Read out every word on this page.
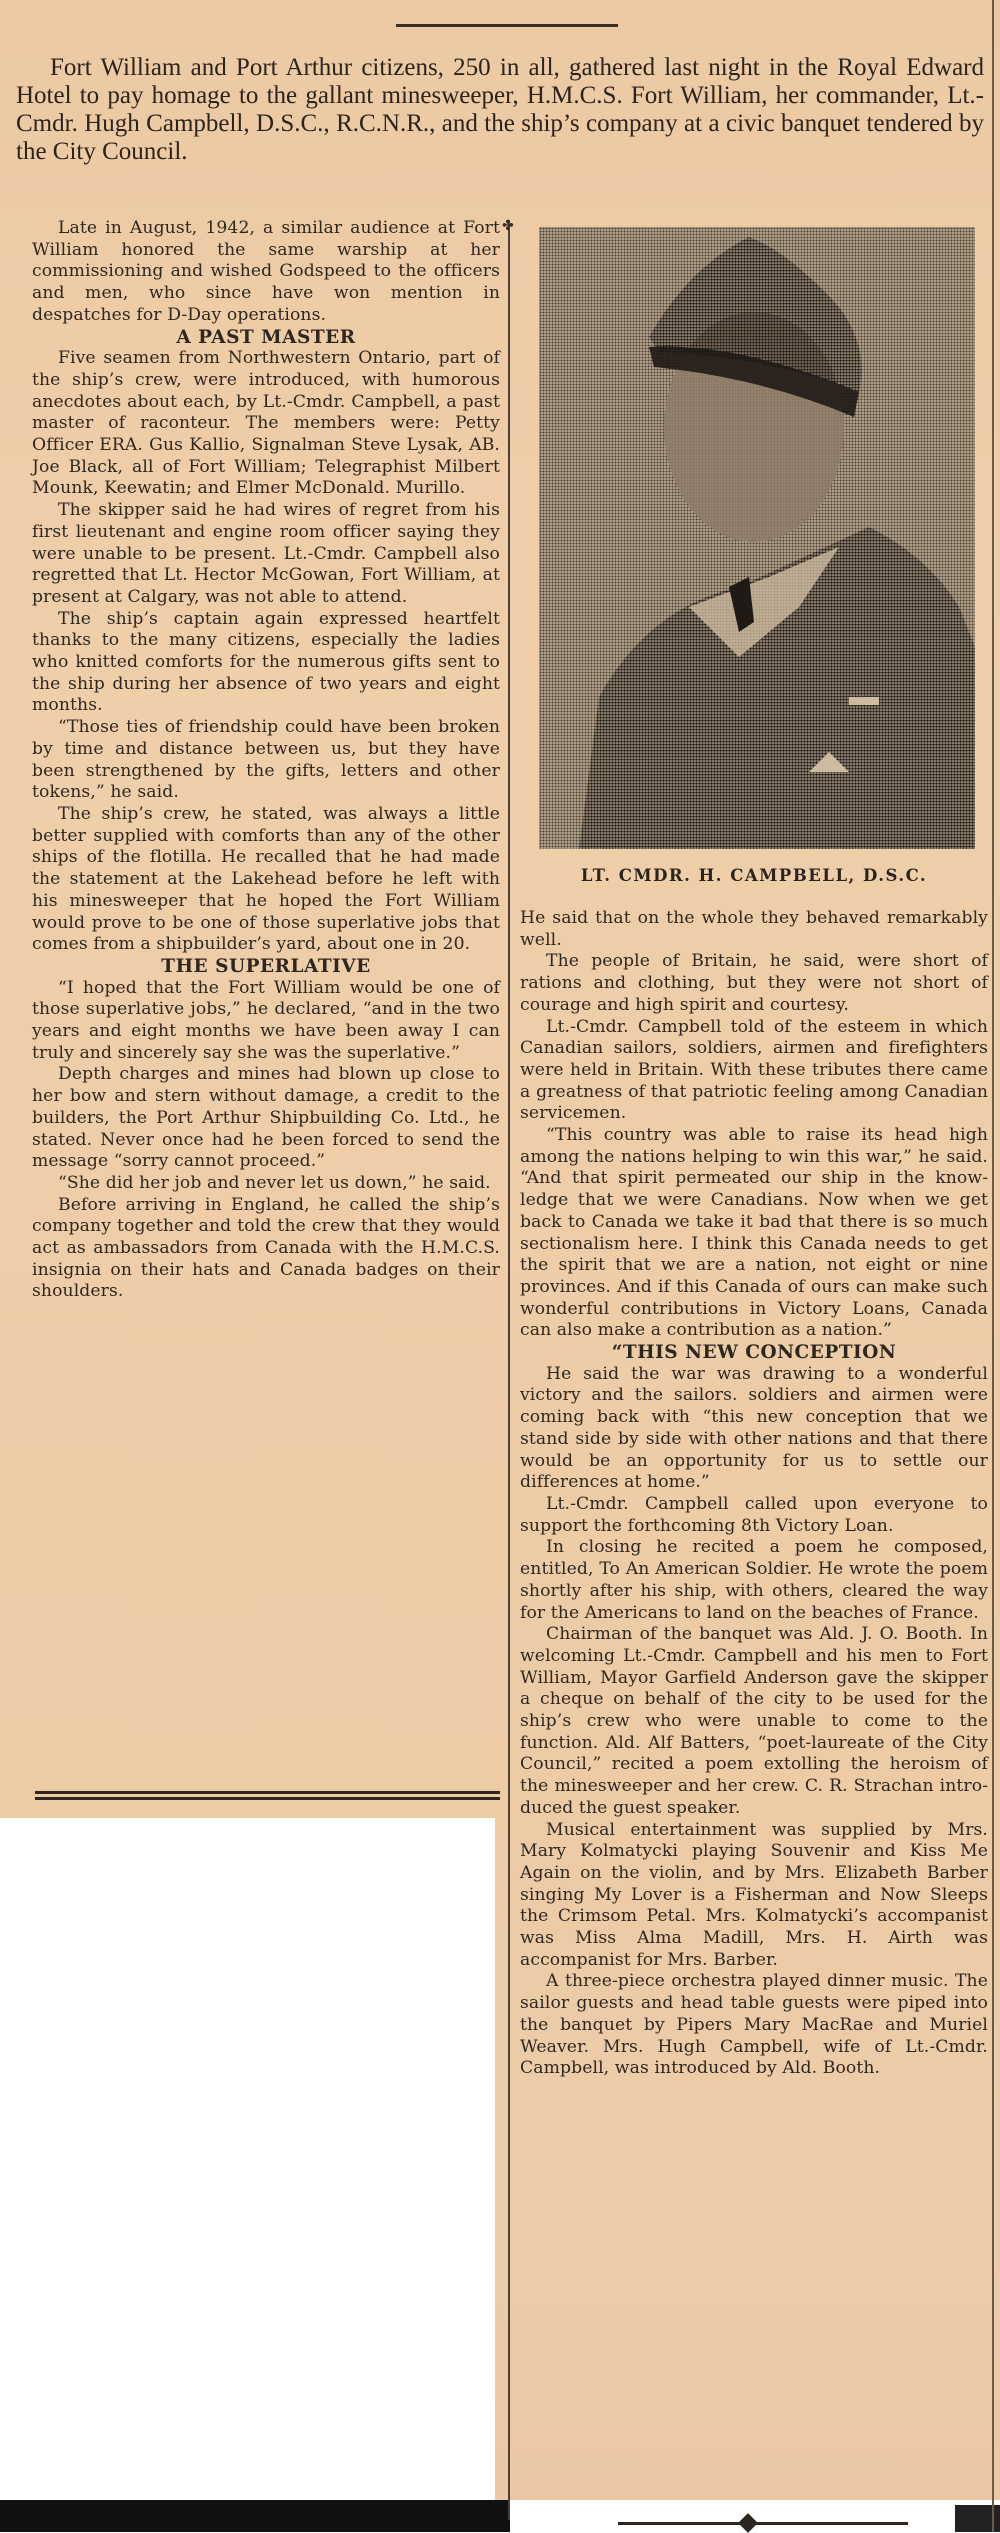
Fort William and Port Arthur citizens, 250 in all, gathered last night in the Royal Edward Hotel to pay homage to the gallant minesweeper, H.M.C.S. Fort William, her commander, Lt.-Cmdr. Hugh Campbell, D.S.C., R.C.N.R., and the ship’s company at a civic banquet tendered by the City Council.
✤

Late in August, 1942, a similar audience at Fort William honored the same warship at her commissioning and wished Godspeed to the officers and men, who since have won mention in despatches for D-Day operations.

A PAST MASTER

Five seamen from Northwestern Ontario, part of the ship’s crew, were introduced, with humorous anecdotes about each, by Lt.-Cmdr. Campbell, a past master of raconteur. The members were: Petty Officer ERA. Gus Kallio, Signalman Steve Lysak, AB. Joe Black, all of Fort William; Telegraphist Milbert Mounk, Keewatin; and Elmer McDonald. Murillo.

The skipper said he had wires of regret from his first lieutenant and engine room officer saying they were unable to be present. Lt.-Cmdr. Campbell also regretted that Lt. Hector McGowan, Fort William, at present at Calgary, was not able to attend.

The ship’s captain again expressed heartfelt thanks to the many citizens, especially the ladies who knitted comforts for the numerous gifts sent to the ship during her absence of two years and eight months.

“Those ties of friendship could have been broken by time and distance between us, but they have been strengthened by the gifts, letters and other tokens,” he said.

The ship’s crew, he stated, was always a little better supplied with comforts than any of the other ships of the flotilla. He recalled that he had made the statement at the Lakehead before he left with his minesweeper that he hoped the Fort William would prove to be one of those superlative jobs that comes from a shipbuilder’s yard, about one in 20.

THE SUPERLATIVE

“I hoped that the Fort William would be one of those superlative jobs,” he declared, “and in the two years and eight months we have been away I can truly and sincerely say she was the superlative.”

Depth charges and mines had blown up close to her bow and stern without damage, a credit to the builders, the Port Arthur Shipbuilding Co. Ltd., he stated. Never once had he been forced to send the message “sorry cannot proceed.”

“She did her job and never let us down,” he said.

Before arriving in England, he called the ship’s company together and told the crew that they would act as ambassadors from Canada with the H.M.C.S. insignia on their hats and Canada badges on their shoulders.

LT. CMDR. H. CAMPBELL, D.S.C.

He said that on the whole they behaved remarkably well.

The people of Britain, he said, were short of rations and clothing, but they were not short of courage and high spirit and courtesy.

Lt.-Cmdr. Campbell told of the esteem in which Canadian sailors, soldiers, airmen and firefighters were held in Britain. With these tributes there came a greatness of that patriotic feeling among Canadian servicemen.

“This country was able to raise its head high among the nations helping to win this war,” he said. “And that spirit permeated our ship in the knowledge that we were Canadians. Now when we get back to Canada we take it bad that there is so much sectionalism here. I think this Canada needs to get the spirit that we are a nation, not eight or nine provinces. And if this Canada of ours can make such wonderful contributions in Victory Loans, Canada can also make a contribution as a nation.”

“THIS NEW CONCEPTION

He said the war was drawing to a wonderful victory and the sailors. soldiers and airmen were coming back with “this new conception that we stand side by side with other nations and that there would be an opportunity for us to settle our differences at home.”

Lt.-Cmdr. Campbell called upon everyone to support the forthcoming 8th Victory Loan.

In closing he recited a poem he composed, entitled, To An American Soldier. He wrote the poem shortly after his ship, with others, cleared the way for the Americans to land on the beaches of France.

Chairman of the banquet was Ald. J. O. Booth. In welcoming Lt.-Cmdr. Campbell and his men to Fort William, Mayor Garfield Anderson gave the skipper a cheque on behalf of the city to be used for the ship’s crew who were unable to come to the function. Ald. Alf Batters, “poet-laureate of the City Council,” recited a poem extolling the heroism of the minesweeper and her crew. C. R. Strachan introduced the guest speaker.

Musical entertainment was supplied by Mrs. Mary Kolmatycki playing Souvenir and Kiss Me Again on the violin, and by Mrs. Elizabeth Barber singing My Lover is a Fisherman and Now Sleeps the Crimsom Petal. Mrs. Kolmatycki’s accompanist was Miss Alma Madill, Mrs. H. Airth was accompanist for Mrs. Barber.

A three-piece orchestra played dinner music. The sailor guests and head table guests were piped into the banquet by Pipers Mary MacRae and Muriel Weaver. Mrs. Hugh Campbell, wife of Lt.-Cmdr. Campbell, was introduced by Ald. Booth.
